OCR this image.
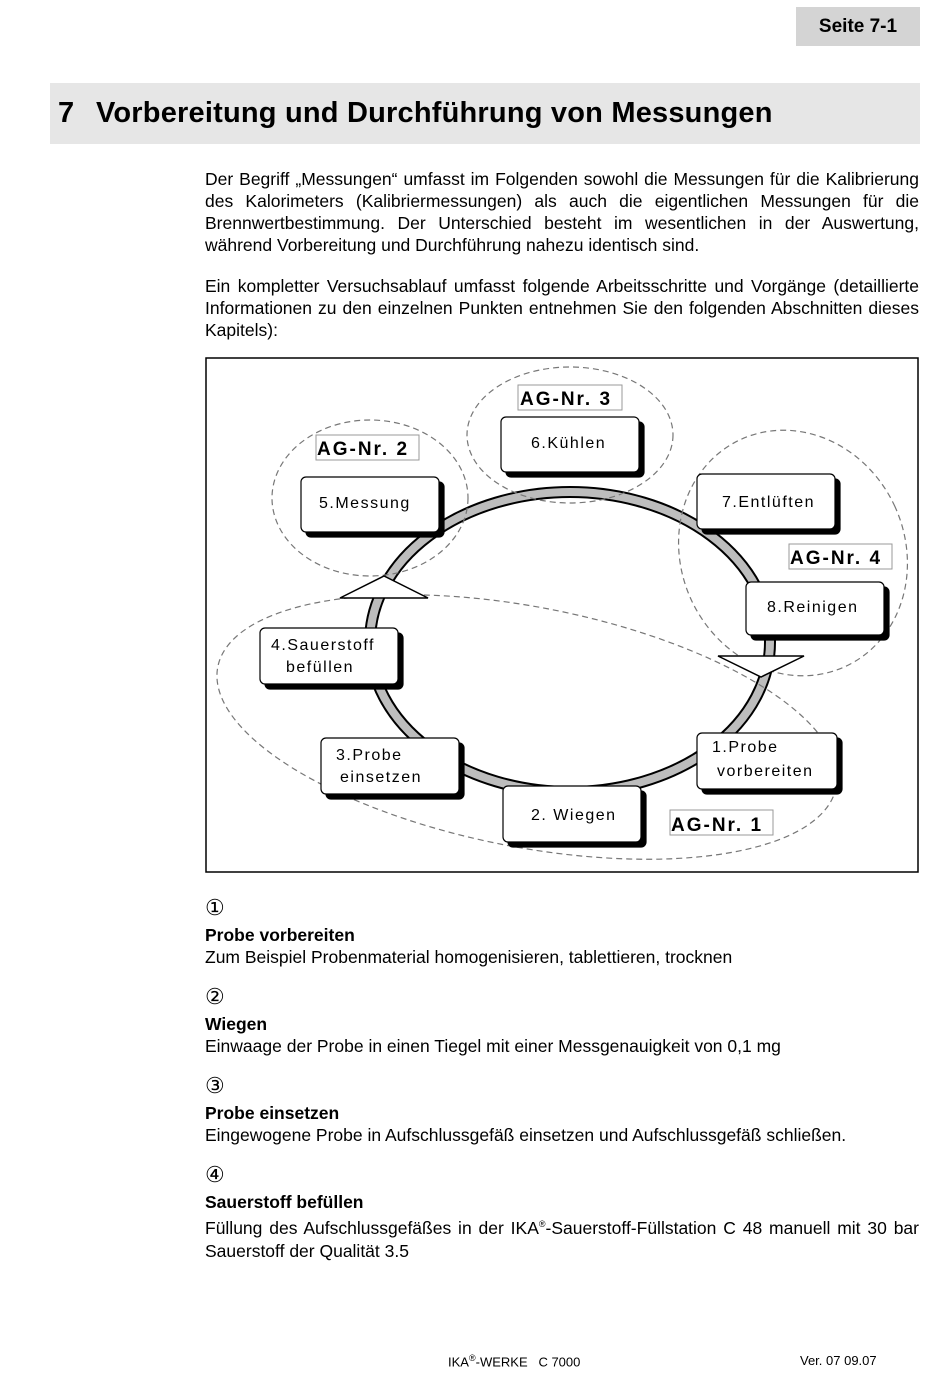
Seite 7-1
7 Vorbereitung und Durchführung von Messungen

Der Begriff „Messungen“ umfasst im Folgenden sowohl die Messungen für die Kalibrierung des Kalorimeters (Kalibriermessungen) als auch die eigentlichen Messungen für die Brennwertbestimmung. Der Unterschied besteht im wesentlichen in der Auswertung, während Vorbereitung und Durchführung nahezu identisch sind.

Ein kompletter Versuchsablauf umfasst folgende Arbeitsschritte und Vorgänge (detaillierte Informationen zu den einzelnen Punkten entnehmen Sie den folgenden Abschnitten dieses Kapitels):

6.Kühlen
5.Messung	7.Entlüften
8.Reinigen
4.Sauerstoff
befüllen
3.Probe
einsetzen
2. Wiegen
1.Probe
vorbereiten
AG-Nr. 3
AG-Nr. 2
AG-Nr. 4
AG-Nr. 1
①
Probe vorbereiten
Zum Beispiel Probenmaterial homogenisieren, tablettieren, trocknen
②
Wiegen
Einwaage der Probe in einen Tiegel mit einer Messgenauigkeit von 0,1 mg
③
Probe einsetzen
Eingewogene Probe in Aufschlussgefäß einsetzen und Aufschlussgefäß schließen.
④
Sauerstoff befüllen
Füllung des Aufschlussgefäßes in der IKA®-Sauerstoff-Füllstation C 48 manuell mit 30 bar Sauerstoff der Qualität 3.5
IKA®-WERKE   C 7000	Ver. 07 09.07
